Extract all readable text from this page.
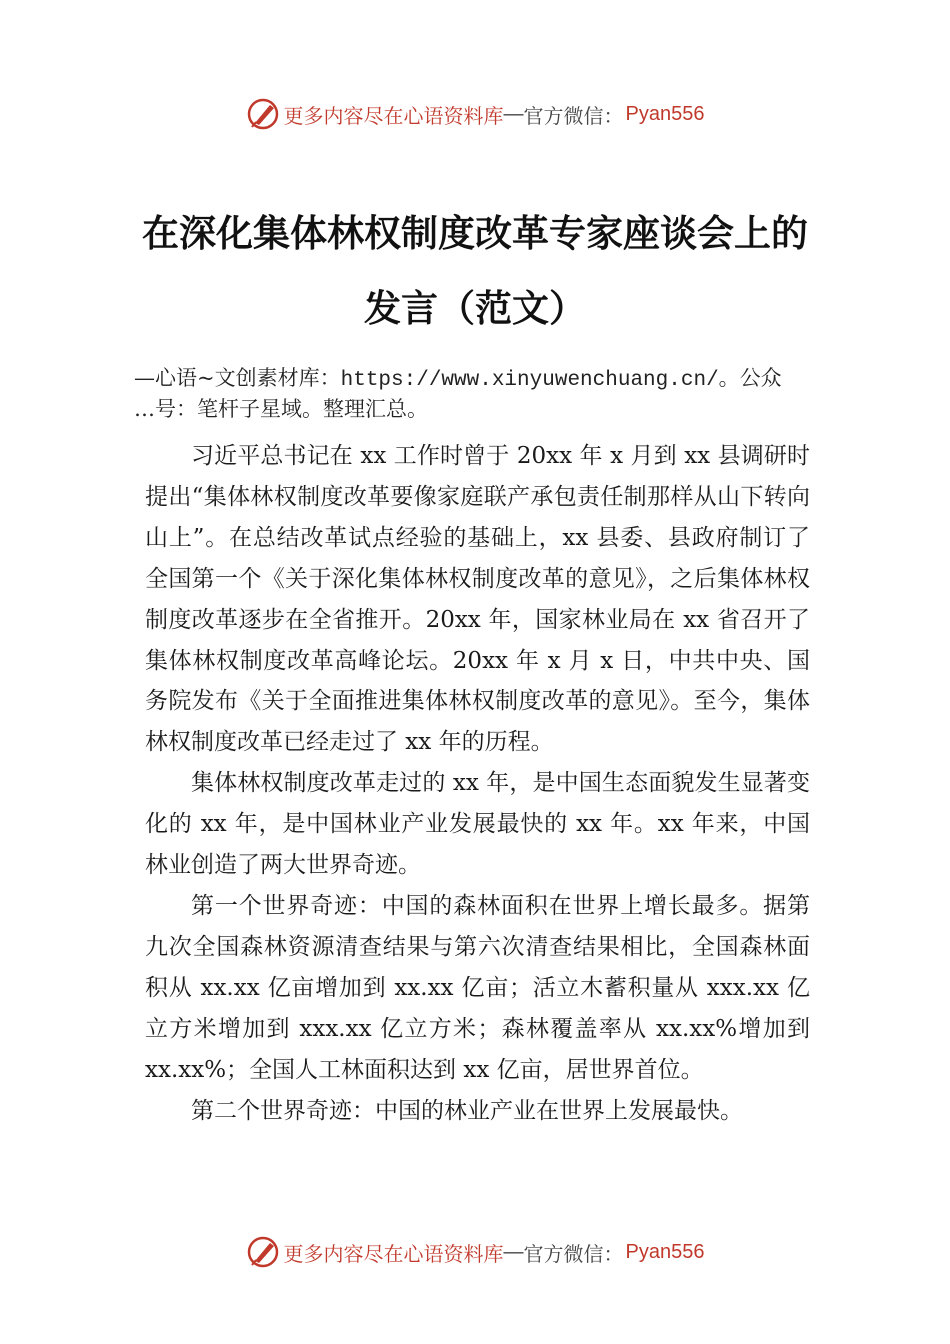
更多内容尽在心语资料库 — 官方微信： Pyan556
在深化集体林权制度改革专家座谈会上的
发言（范文）
—心语~文创素材库：https://www.xinyuwenchuang.cn/。公众
…号：笔杆子星域。整理汇总。

习近平总书记在 xx 工作时曾于 20xx 年 x 月到 xx 县调研时提出“集体林权制度改革要像家庭联产承包责任制那样从山下转向山上”。在总结改革试点经验的基础上，xx 县委、县政府制订了全国第一个《关于深化集体林权制度改革的意见》，之后集体林权制度改革逐步在全省推开。20xx 年，国家林业局在 xx 省召开了集体林权制度改革高峰论坛。20xx 年 x 月 x 日，中共中央、国务院发布《关于全面推进集体林权制度改革的意见》。至今，集体林权制度改革已经走过了 xx 年的历程。

集体林权制度改革走过的 xx 年，是中国生态面貌发生显著变化的 xx 年，是中国林业产业发展最快的 xx 年。xx 年来，中国林业创造了两大世界奇迹。

第一个世界奇迹：中国的森林面积在世界上增长最多。据第九次全国森林资源清查结果与第六次清查结果相比，全国森林面积从 xx.xx 亿亩增加到 xx.xx 亿亩；活立木蓄积量从 xxx.xx 亿立方米增加到 xxx.xx 亿立方米；森林覆盖率从 xx.xx%增加到 xx.xx%；全国人工林面积达到 xx 亿亩，居世界首位。

第二个世界奇迹：中国的林业产业在世界上发展最快。

更多内容尽在心语资料库 — 官方微信： Pyan556
